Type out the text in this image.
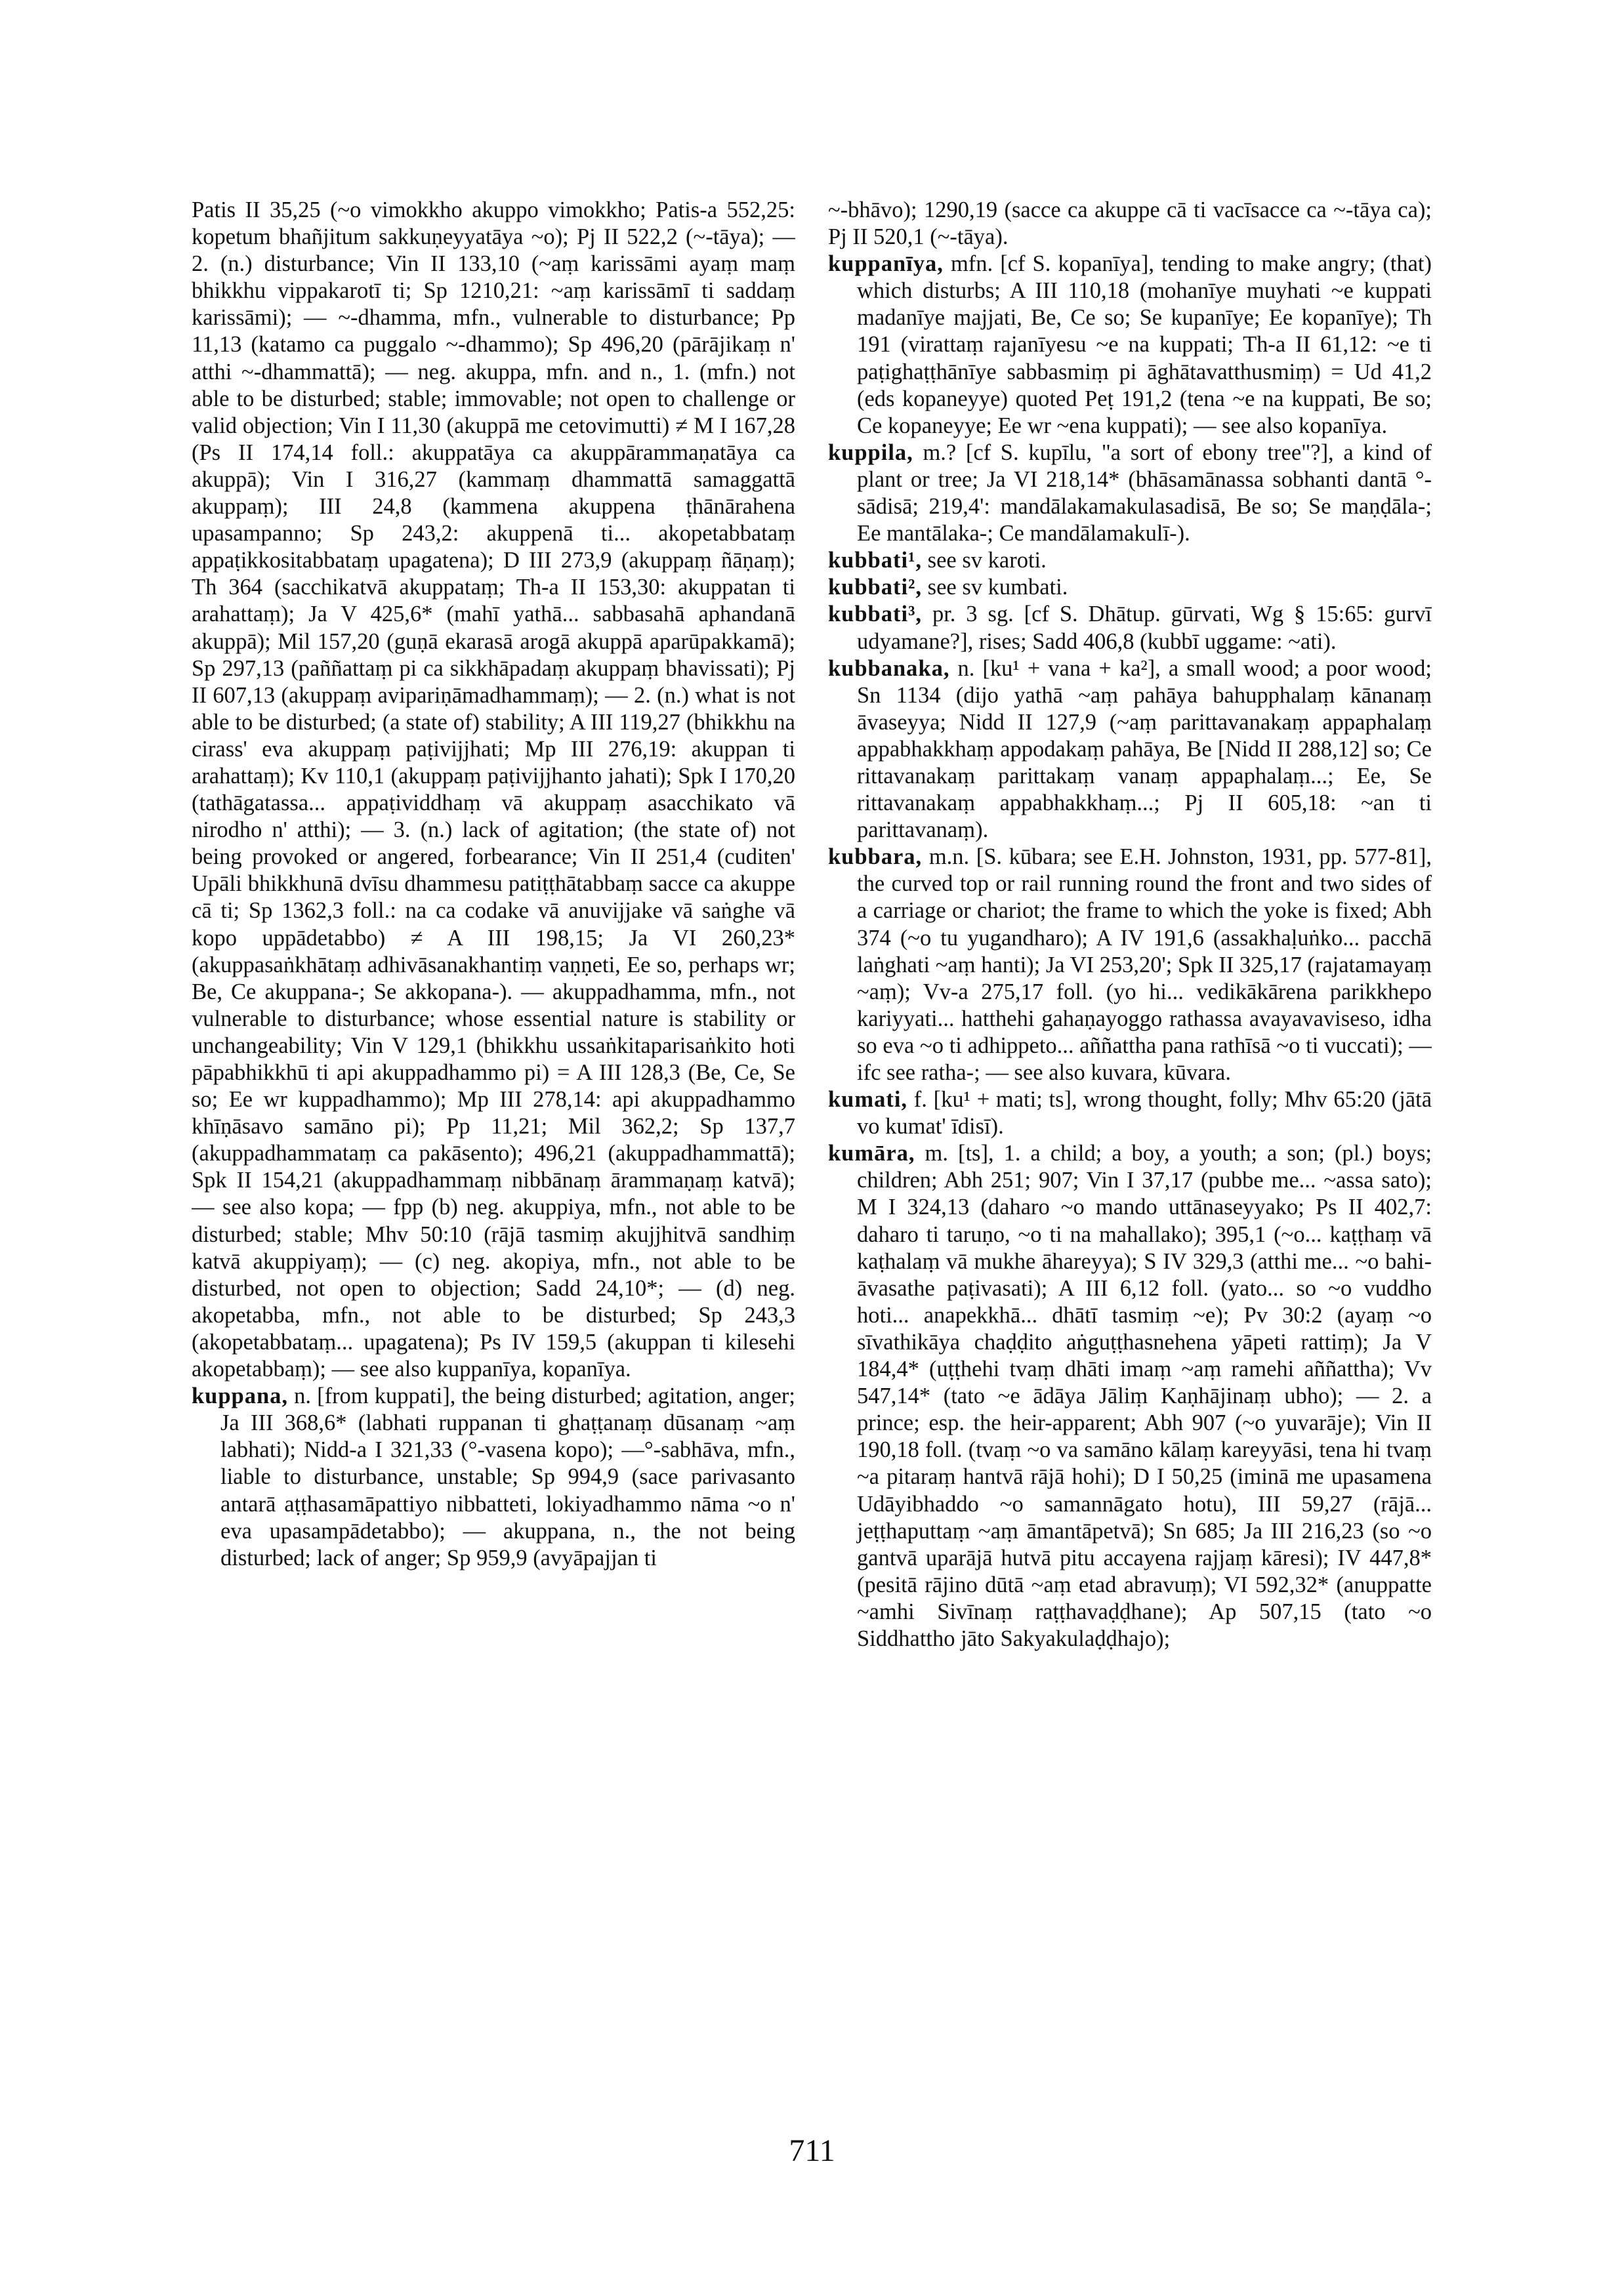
Patis II 35,25 (~o vimokkho akuppo vimokkho; Patis-a 552,25: kopetum bhañjitum sakkuṇeyyatāya ~o); Pj II 522,2 (~-tāya); — 2. (n.) disturbance; Vin II 133,10 (~aṃ karissāmi ayaṃ maṃ bhikkhu vippakarotī ti; Sp 1210,21: ~aṃ karissāmī ti saddaṃ karissāmi); — ~-dhamma, mfn., vulnerable to disturbance; Pp 11,13 (katamo ca puggalo ~-dhammo); Sp 496,20 (pārājikaṃ n' atthi ~-dhammattā); — neg. akuppa, mfn. and n., 1. (mfn.) not able to be disturbed; stable; immovable; not open to challenge or valid objection; Vin I 11,30 (akuppā me cetovimutti) ≠ M I 167,28 (Ps II 174,14 foll.: akuppatāya ca akuppārammaṇatāya ca akuppā); Vin I 316,27 (kammaṃ dhammattā samaggattā akuppaṃ); III 24,8 (kammena akuppena ṭhānārahena upasampanno; Sp 243,2: akuppenā ti... akopetabbataṃ appaṭikkositabbataṃ upagatena); D III 273,9 (akuppaṃ ñāṇaṃ); Th 364 (sacchikatvā akuppataṃ; Th-a II 153,30: akuppatan ti arahattaṃ); Ja V 425,6* (mahī yathā... sabbasahā aphandanā akuppā); Mil 157,20 (guṇā ekarasā arogā akuppā aparūpakkamā); Sp 297,13 (paññattaṃ pi ca sikkhāpadaṃ akuppaṃ bhavissati); Pj II 607,13 (akuppaṃ avipariṇāmadhammaṃ); — 2. (n.) what is not able to be disturbed; (a state of) stability; A III 119,27 (bhikkhu na cirass' eva akuppaṃ paṭivijjhati; Mp III 276,19: akuppan ti arahattaṃ); Kv 110,1 (akuppaṃ paṭivijjhanto jahati); Spk I 170,20 (tathāgatassa... appaṭividdhaṃ vā akuppaṃ asacchikato vā nirodho n' atthi); — 3. (n.) lack of agitation; (the state of) not being provoked or angered, forbearance; Vin II 251,4 (cuditen' Upāli bhikkhunā dvīsu dhammesu patiṭṭhātabbaṃ sacce ca akuppe cā ti; Sp 1362,3 foll.: na ca codake vā anuvijjake vā saṅghe vā kopo uppādetabbo) ≠ A III 198,15; Ja VI 260,23* (akuppasaṅkhātaṃ adhivāsanakhantiṃ vaṇṇeti, Ee so, perhaps wr; Be, Ce akuppana-; Se akkopana-). — akuppadhamma, mfn., not vulnerable to disturbance; whose essential nature is stability or unchangeability; Vin V 129,1 (bhikkhu ussaṅkitaparisaṅkito hoti pāpabhikkhū ti api akuppadhammo pi) = A III 128,3 (Be, Ce, Se so; Ee wr kuppadhammo); Mp III 278,14: api akuppadhammo khīṇāsavo samāno pi); Pp 11,21; Mil 362,2; Sp 137,7 (akuppadhammataṃ ca pakāsento); 496,21 (akuppadhammattā); Spk II 154,21 (akuppadhammaṃ nibbānaṃ ārammaṇaṃ katvā); — see also kopa; — fpp (b) neg. akuppiya, mfn., not able to be disturbed; stable; Mhv 50:10 (rājā tasmiṃ akujjhitvā sandhiṃ katvā akuppiyaṃ); — (c) neg. akopiya, mfn., not able to be disturbed, not open to objection; Sadd 24,10*; — (d) neg. akopetabba, mfn., not able to be disturbed; Sp 243,3 (akopetabbataṃ... upagatena); Ps IV 159,5 (akuppan ti kilesehi akopetabbaṃ); — see also kuppanīya, kopanīya.

kuppana, n. [from kuppati], the being disturbed; agitation, anger; Ja III 368,6* (labhati ruppanan ti ghaṭṭanaṃ dūsanaṃ ~aṃ labhati); Nidd-a I 321,33 (°-vasena kopo); —°-sabhāva, mfn., liable to disturbance, unstable; Sp 994,9 (sace parivasanto antarā aṭṭhasamāpattiyo nibbatteti, lokiyadhammo nāma ~o n' eva upasampādetabbo); — akuppana, n., the not being disturbed; lack of anger; Sp 959,9 (avyāpajjan ti

~-bhāvo); 1290,19 (sacce ca akuppe cā ti vacīsacce ca ~-tāya ca); Pj II 520,1 (~-tāya).

kuppanīya, mfn. [cf S. kopanīya], tending to make angry; (that) which disturbs; A III 110,18 (mohanīye muyhati ~e kuppati madanīye majjati, Be, Ce so; Se kupanīye; Ee kopanīye); Th 191 (virattaṃ rajanīyesu ~e na kuppati; Th-a II 61,12: ~e ti paṭighaṭṭhānīye sabbasmiṃ pi āghātavatthusmiṃ) = Ud 41,2 (eds kopaneyye) quoted Peṭ 191,2 (tena ~e na kuppati, Be so; Ce kopaneyye; Ee wr ~ena kuppati); — see also kopanīya.

kuppila, m.? [cf S. kupīlu, "a sort of ebony tree"?], a kind of plant or tree; Ja VI 218,14* (bhāsamānassa sobhanti dantā °-sādisā; 219,4': mandālakamakulasadisā, Be so; Se maṇḍāla-; Ee mantālaka-; Ce mandālamakulī-).

kubbati¹, see sv karoti.

kubbati², see sv kumbati.

kubbati³, pr. 3 sg. [cf S. Dhātup. gūrvati, Wg § 15:65: gurvī udyamane?], rises; Sadd 406,8 (kubbī uggame: ~ati).

kubbanaka, n. [ku¹ + vana + ka²], a small wood; a poor wood; Sn 1134 (dijo yathā ~aṃ pahāya bahupphalaṃ kānanaṃ āvaseyya; Nidd II 127,9 (~aṃ parittavanakaṃ appaphalaṃ appabhakkhaṃ appodakaṃ pahāya, Be [Nidd II 288,12] so; Ce rittavanakaṃ parittakaṃ vanaṃ appaphalaṃ...; Ee, Se rittavanakaṃ appabhakkhaṃ...; Pj II 605,18: ~an ti parittavanaṃ).

kubbara, m.n. [S. kūbara; see E.H. Johnston, 1931, pp. 577-81], the curved top or rail running round the front and two sides of a carriage or chariot; the frame to which the yoke is fixed; Abh 374 (~o tu yugandharo); A IV 191,6 (assakhaḷuṅko... pacchā laṅghati ~aṃ hanti); Ja VI 253,20'; Spk II 325,17 (rajatamayaṃ ~aṃ); Vv-a 275,17 foll. (yo hi... vedikākārena parikkhepo kariyyati... hatthehi gahaṇayoggo rathassa avayavaviseso, idha so eva ~o ti adhippeto... aññattha pana rathīsā ~o ti vuccati); — ifc see ratha-; — see also kuvara, kūvara.

kumati, f. [ku¹ + mati; ts], wrong thought, folly; Mhv 65:20 (jātā vo kumat' īdisī).

kumāra, m. [ts], 1. a child; a boy, a youth; a son; (pl.) boys; children; Abh 251; 907; Vin I 37,17 (pubbe me... ~assa sato); M I 324,13 (daharo ~o mando uttānaseyyako; Ps II 402,7: daharo ti taruṇo, ~o ti na mahallako); 395,1 (~o... kaṭṭhaṃ vā kaṭhalaṃ vā mukhe āhareyya); S IV 329,3 (atthi me... ~o bahi-āvasathe paṭivasati); A III 6,12 foll. (yato... so ~o vuddho hoti... anapekkhā... dhātī tasmiṃ ~e); Pv 30:2 (ayaṃ ~o sīvathikāya chaḍḍito aṅguṭṭhasnehena yāpeti rattiṃ); Ja V 184,4* (uṭṭhehi tvaṃ dhāti imaṃ ~aṃ ramehi aññattha); Vv 547,14* (tato ~e ādāya Jāliṃ Kaṇhājinaṃ ubho); — 2. a prince; esp. the heir-apparent; Abh 907 (~o yuvarāje); Vin II 190,18 foll. (tvaṃ ~o va samāno kālaṃ kareyyāsi, tena hi tvaṃ ~a pitaraṃ hantvā rājā hohi); D I 50,25 (iminā me upasamena Udāyibhaddo ~o samannāgato hotu), III 59,27 (rājā... jeṭṭhaputtaṃ ~aṃ āmantāpetvā); Sn 685; Ja III 216,23 (so ~o gantvā uparājā hutvā pitu accayena rajjaṃ kāresi); IV 447,8* (pesitā rājino dūtā ~aṃ etad abravuṃ); VI 592,32* (anuppatte ~amhi Sivīnaṃ raṭṭhavaḍḍhane); Ap 507,15 (tato ~o Siddhattho jāto Sakyakulaḍḍhajo);

711
